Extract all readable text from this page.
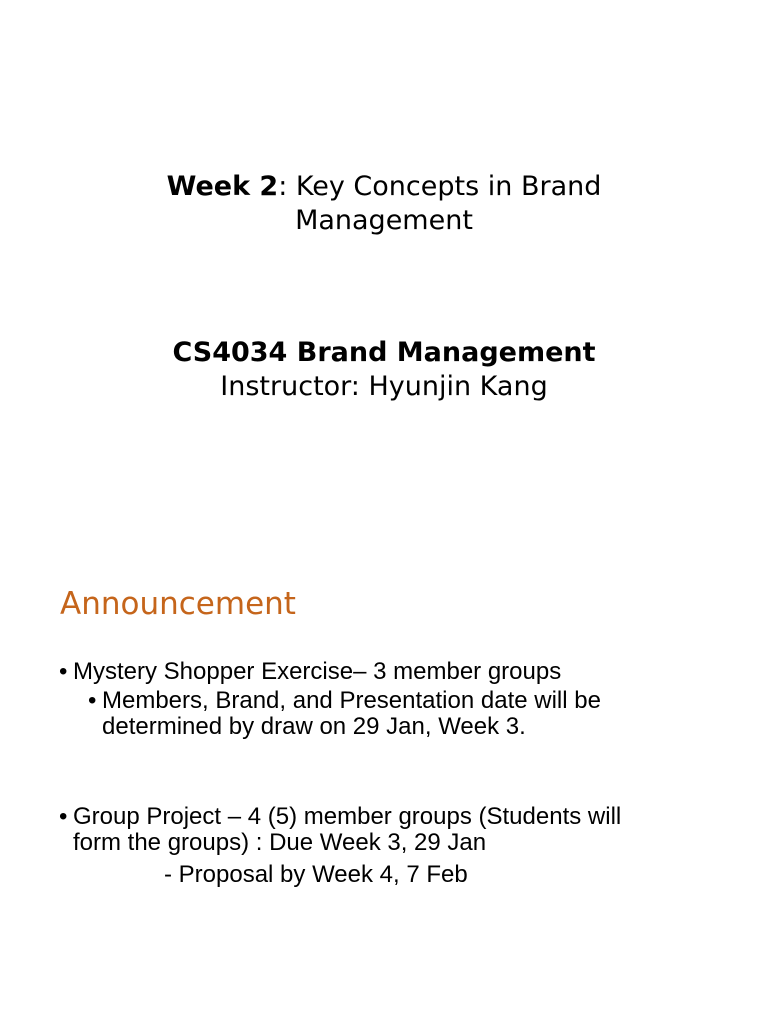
Week 2: Key Concepts in Brand
Management
CS4034 Brand Management
Instructor: Hyunjin Kang
Announcement
• Mystery Shopper Exercise– 3 member groups
• Members, Brand, and Presentation date will be
determined by draw on 29 Jan, Week 3.
• Group Project – 4 (5) member groups (Students will
form the groups) : Due Week 3, 29 Jan
- Proposal by Week 4, 7 Feb
